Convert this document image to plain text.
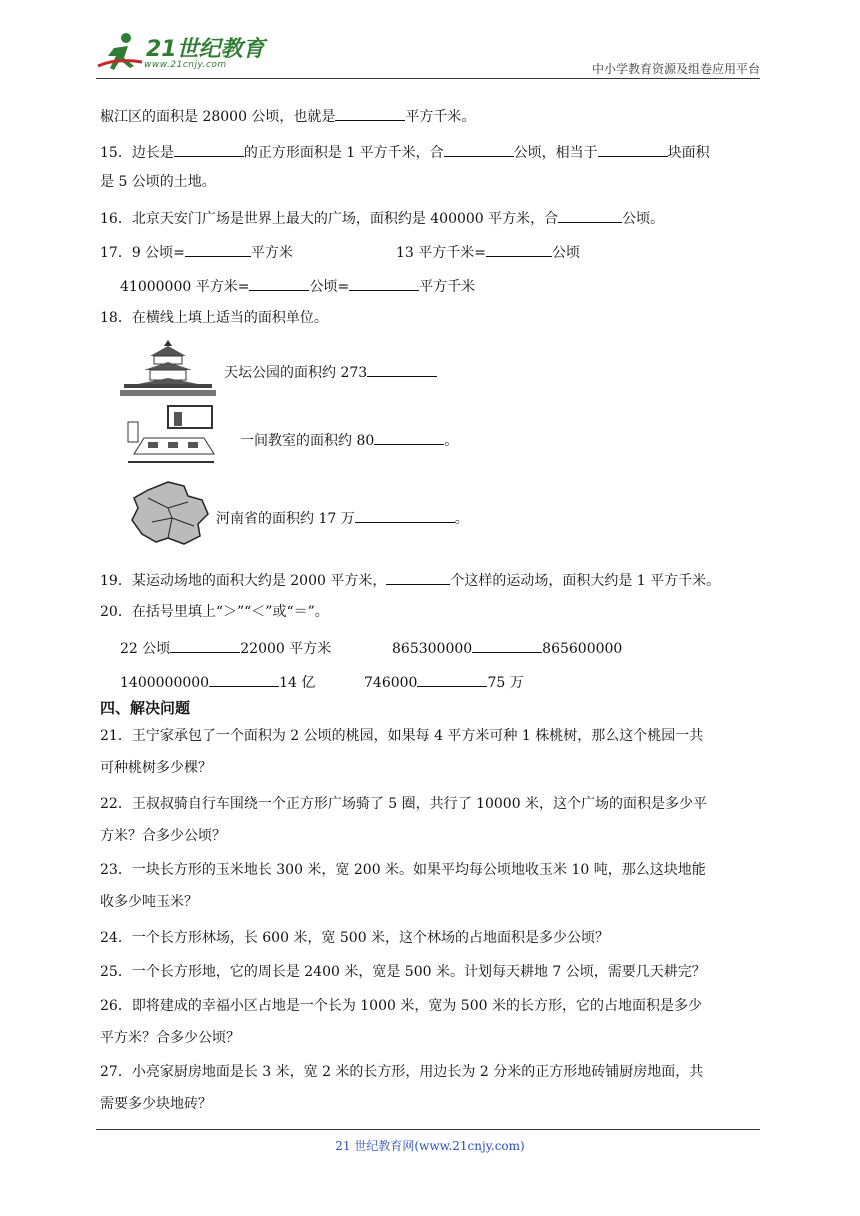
21世纪教育
www.21cnjy.com	中小学教育资源及组卷应用平台
椒江区的面积是 28000 公顷，也就是	平方千米。
15．边长是	的正方形面积是 1 平方千米，合	公顷，相当于	块面积
是 5 公顷的土地。
16．北京天安门广场是世界上最大的广场，面积约是 400000 平方米，合	公顷。
17．9 公顷=	平方米	13 平方千米=	公顷
41000000 平方米=	公顷=	平方千米
18．在横线上填上适当的面积单位。
天坛公园的面积约 273
一间教室的面积约 80	。
河南省的面积约 17 万	。
19．某运动场地的面积大约是 2000 平方米，	个这样的运动场，面积大约是 1 平方千米。
20．在括号里填上“＞”“＜”或“＝”。
22 公顷	22000 平方米	865300000	865600000
1400000000	14 亿	746000	75 万
四、解决问题
21．王宁家承包了一个面积为 2 公顷的桃园，如果每 4 平方米可种 1 株桃树，那么这个桃园一共
可种桃树多少棵？
22．王叔叔骑自行车围绕一个正方形广场骑了 5 圈，共行了 10000 米，这个广场的面积是多少平
方米？合多少公顷？
23．一块长方形的玉米地长 300 米，宽 200 米。如果平均每公顷地收玉米 10 吨，那么这块地能
收多少吨玉米？
24．一个长方形林场，长 600 米，宽 500 米，这个林场的占地面积是多少公顷？
25．一个长方形地，它的周长是 2400 米，宽是 500 米。计划每天耕地 7 公顷，需要几天耕完？
26．即将建成的幸福小区占地是一个长为 1000 米，宽为 500 米的长方形，它的占地面积是多少
平方米？合多少公顷？
27．小亮家厨房地面是长 3 米，宽 2 米的长方形，用边长为 2 分米的正方形地砖铺厨房地面，共
需要多少块地砖？
21 世纪教育网(www.21cnjy.com)
